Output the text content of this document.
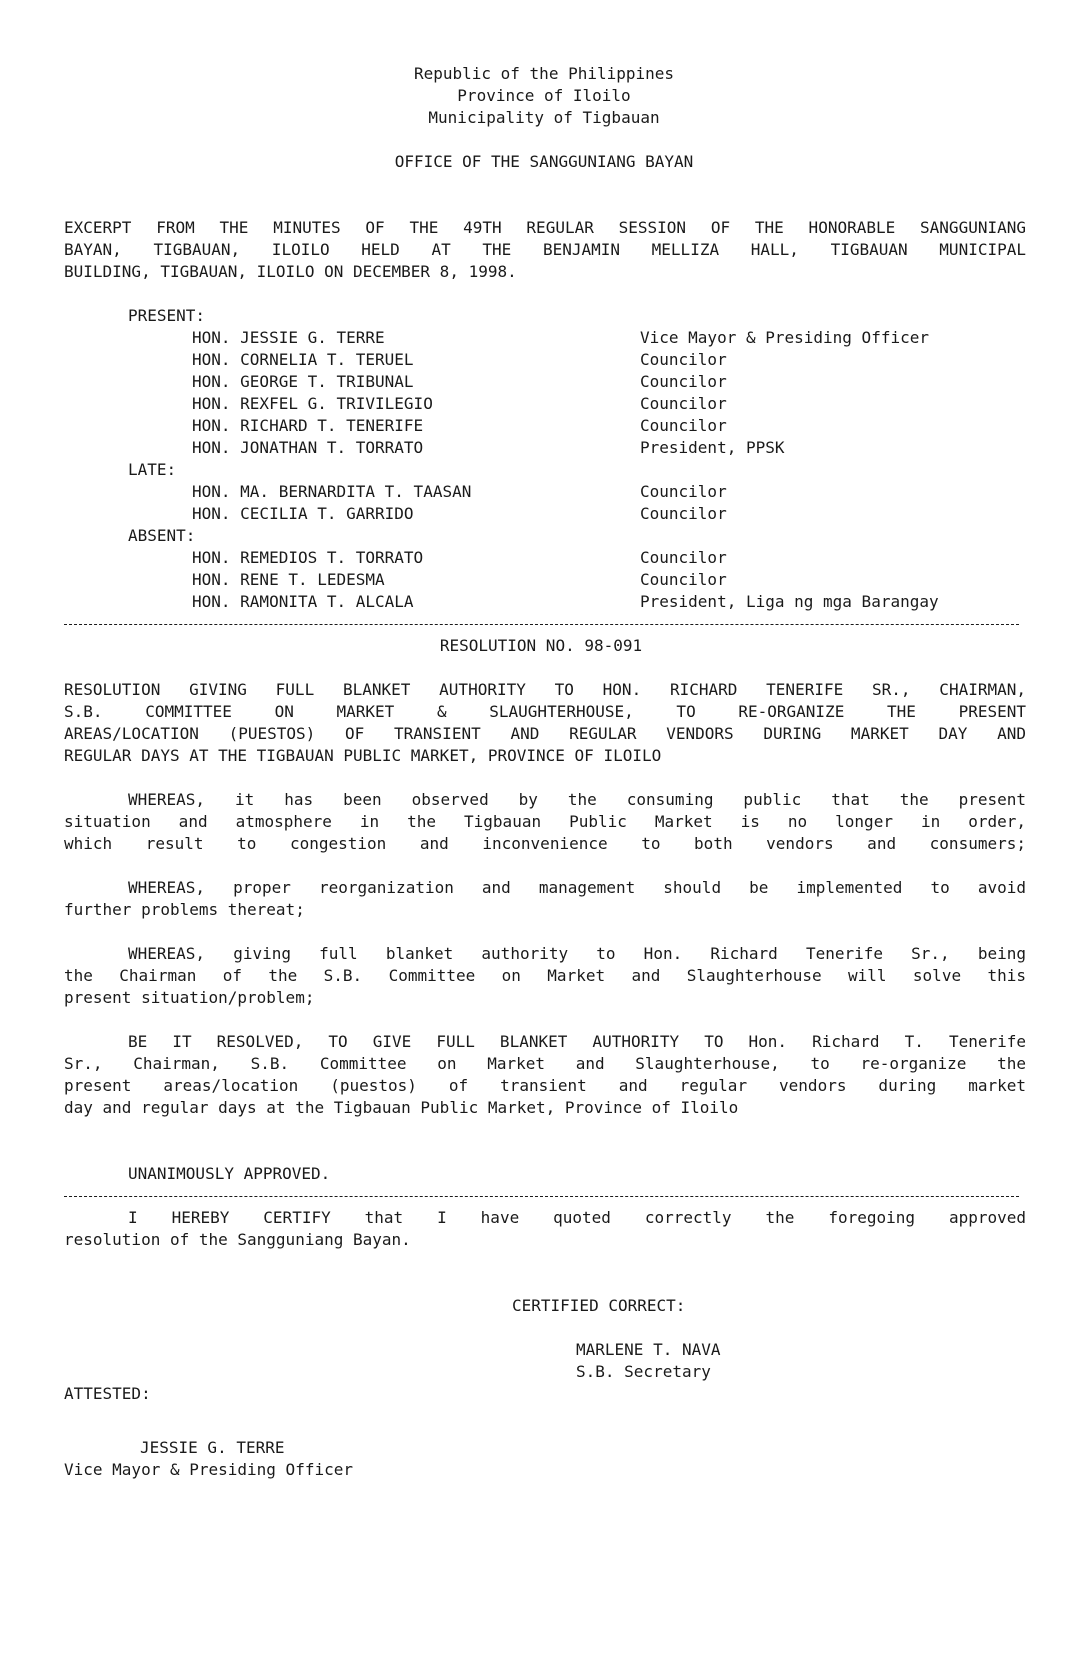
Republic of the Philippines
Province of Iloilo
Municipality of Tigbauan
OFFICE OF THE SANGGUNIANG BAYAN
EXCERPT FROM THE MINUTES OF THE 49TH REGULAR SESSION OF THE HONORABLE SANGGUNIANG
BAYAN, TIGBAUAN, ILOILO HELD AT THE BENJAMIN MELLIZA HALL, TIGBAUAN MUNICIPAL
BUILDING, TIGBAUAN, ILOILO ON DECEMBER 8, 1998.
PRESENT:
HON. JESSIE G. TERRE	Vice Mayor & Presiding Officer
HON. CORNELIA T. TERUEL	Councilor
HON. GEORGE T. TRIBUNAL	Councilor
HON. REXFEL G. TRIVILEGIO	Councilor
HON. RICHARD T. TENERIFE	Councilor
HON. JONATHAN T. TORRATO	President, PPSK
LATE:
HON. MA. BERNARDITA T. TAASAN	Councilor
HON. CECILIA T. GARRIDO	Councilor
ABSENT:
HON. REMEDIOS T. TORRATO	Councilor
HON. RENE T. LEDESMA	Councilor
HON. RAMONITA T. ALCALA	President, Liga ng mga Barangay
RESOLUTION NO. 98-091
RESOLUTION GIVING FULL BLANKET AUTHORITY TO HON. RICHARD TENERIFE SR., CHAIRMAN,
S.B. COMMITTEE ON MARKET & SLAUGHTERHOUSE, TO RE-ORGANIZE THE PRESENT
AREAS/LOCATION (PUESTOS) OF TRANSIENT AND REGULAR VENDORS DURING MARKET DAY AND
REGULAR DAYS AT THE TIGBAUAN PUBLIC MARKET, PROVINCE OF ILOILO
WHEREAS, it has been observed by the consuming public that the present
situation and atmosphere in the Tigbauan Public Market is no longer in order,
which result to congestion and inconvenience to both vendors and consumers;
WHEREAS, proper reorganization and management should be implemented to avoid
further problems thereat;
WHEREAS, giving full blanket authority to Hon. Richard Tenerife Sr., being
the Chairman of the S.B. Committee on Market and Slaughterhouse will solve this
present situation/problem;
BE IT RESOLVED, TO GIVE FULL BLANKET AUTHORITY TO Hon. Richard T. Tenerife
Sr., Chairman, S.B. Committee on Market and Slaughterhouse, to re-organize the
present areas/location (puestos) of transient and regular vendors during market
day and regular days at the Tigbauan Public Market, Province of Iloilo
UNANIMOUSLY APPROVED.
I HEREBY CERTIFY that I have quoted correctly the foregoing approved
resolution of the Sangguniang Bayan.
CERTIFIED CORRECT:
MARLENE T. NAVA
S.B. Secretary
ATTESTED:
JESSIE G. TERRE
Vice Mayor & Presiding Officer
